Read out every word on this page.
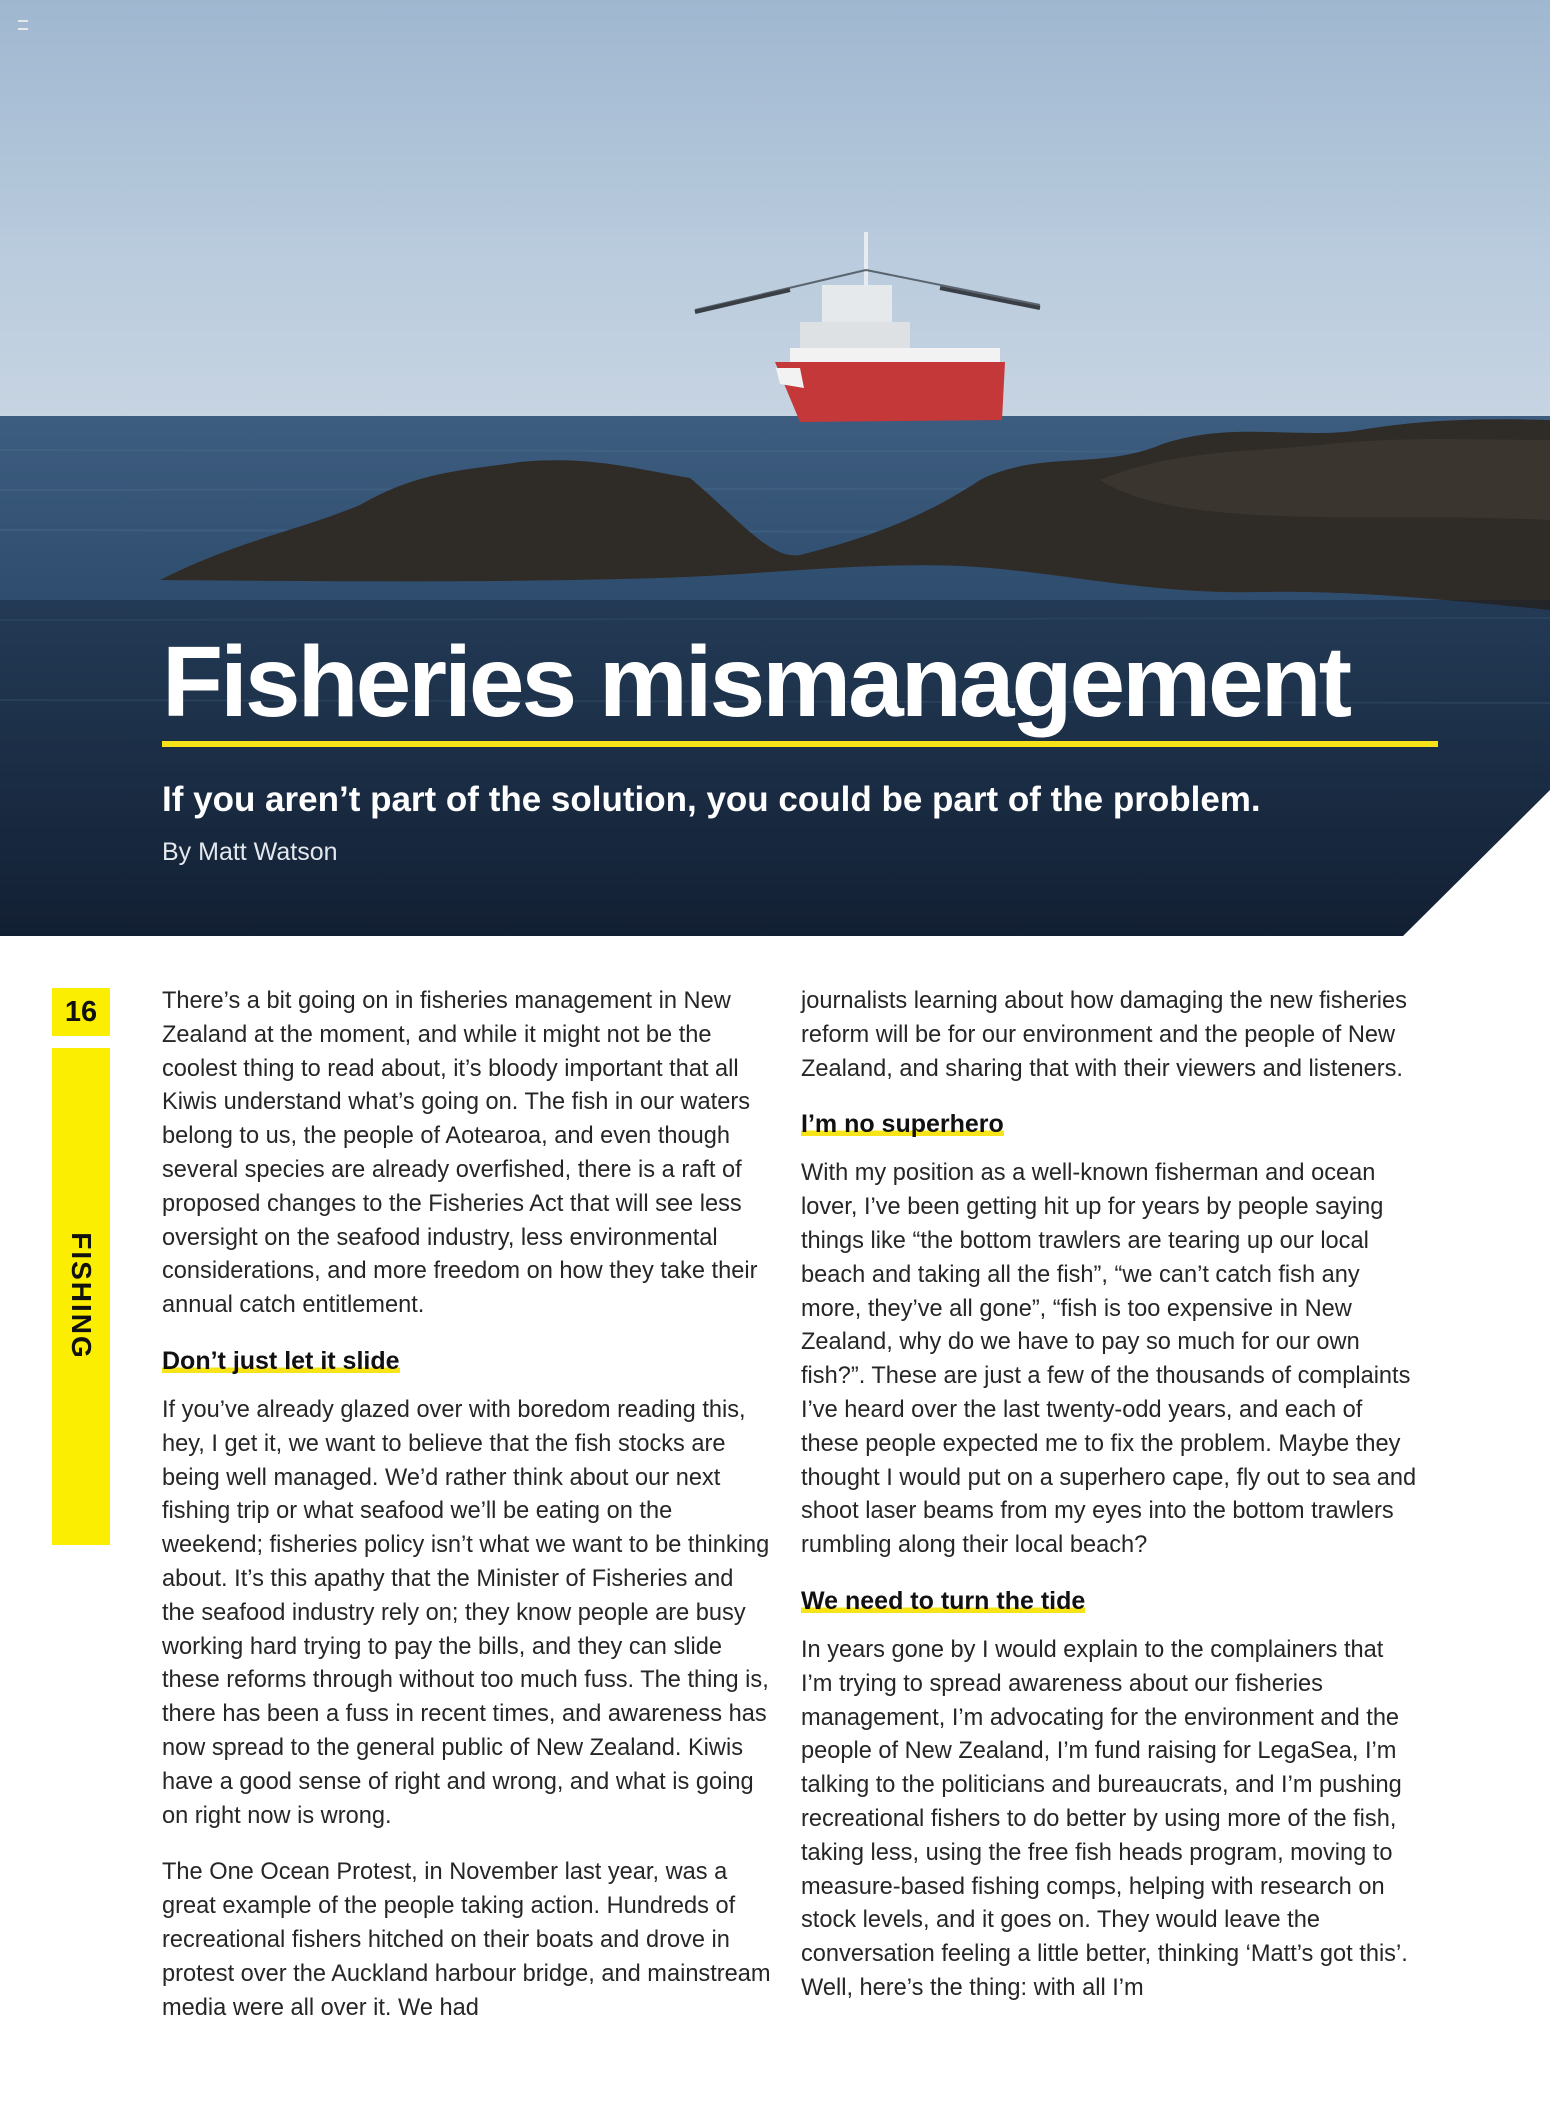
Fisheries mismanagement
If you aren’t part of the solution, you could be part of the problem.

By Matt Watson

16
FISHING

There’s a bit going on in fisheries management in New Zealand at the moment, and while it might not be the coolest thing to read about, it’s bloody important that all Kiwis understand what’s going on. The fish in our waters belong to us, the people of Aotearoa, and even though several species are already overfished, there is a raft of proposed changes to the Fisheries Act that will see less oversight on the seafood industry, less environmental considerations, and more freedom on how they take their annual catch entitlement.

Don’t just let it slide

If you’ve already glazed over with boredom reading this, hey, I get it, we want to believe that the fish stocks are being well managed. We’d rather think about our next fishing trip or what seafood we’ll be eating on the weekend; fisheries policy isn’t what we want to be thinking about. It’s this apathy that the Minister of Fisheries and the seafood industry rely on; they know people are busy working hard trying to pay the bills, and they can slide these reforms through without too much fuss. The thing is, there has been a fuss in recent times, and awareness has now spread to the general public of New Zealand. Kiwis have a good sense of right and wrong, and what is going on right now is wrong.

The One Ocean Protest, in November last year, was a great example of the people taking action. Hundreds of recreational fishers hitched on their boats and drove in protest over the Auckland harbour bridge, and mainstream media were all over it. We had

journalists learning about how damaging the new fisheries reform will be for our environment and the people of New Zealand, and sharing that with their viewers and listeners.

I’m no superhero

With my position as a well-known fisherman and ocean lover, I’ve been getting hit up for years by people saying things like “the bottom trawlers are tearing up our local beach and taking all the fish”, “we can’t catch fish any more, they’ve all gone”, “fish is too expensive in New Zealand, why do we have to pay so much for our own fish?”. These are just a few of the thousands of complaints I’ve heard over the last twenty-odd years, and each of these people expected me to fix the problem. Maybe they thought I would put on a superhero cape, fly out to sea and shoot laser beams from my eyes into the bottom trawlers rumbling along their local beach?

We need to turn the tide

In years gone by I would explain to the complainers that I’m trying to spread awareness about our fisheries management, I’m advocating for the environment and the people of New Zealand, I’m fund raising for LegaSea, I’m talking to the politicians and bureaucrats, and I’m pushing recreational fishers to do better by using more of the fish, taking less, using the free fish heads program, moving to measure-based fishing comps, helping with research on stock levels, and it goes on. They would leave the conversation feeling a little better, thinking ‘Matt’s got this’. Well, here’s the thing: with all I’m
